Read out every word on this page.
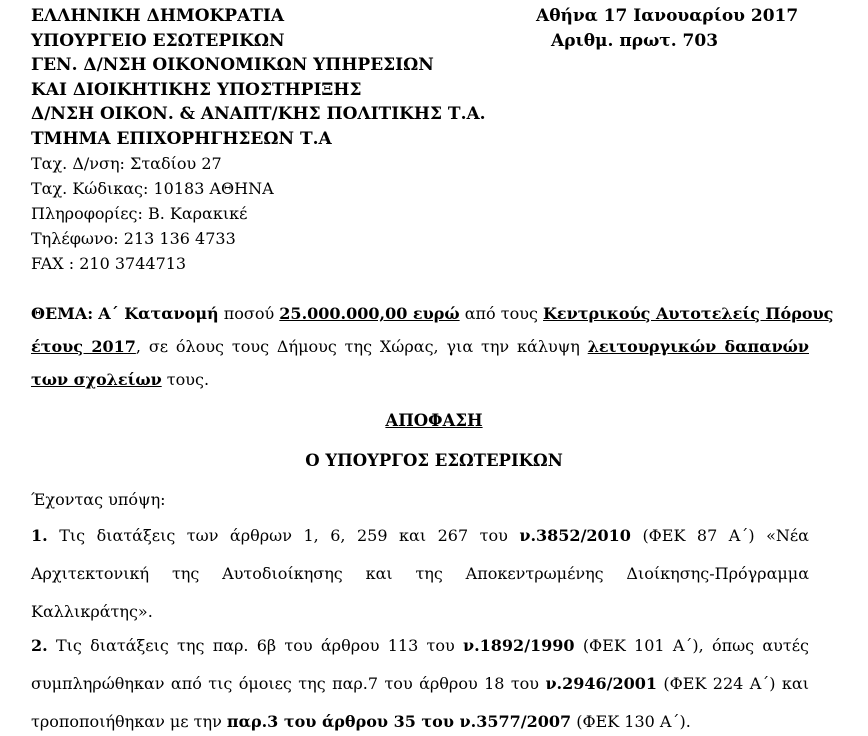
ΕΛΛΗΝΙΚΗ ΔΗΜΟΚΡΑΤΙΑ
ΥΠΟΥΡΓΕΙΟ ΕΣΩΤΕΡΙΚΩΝ
ΓΕΝ. Δ/ΝΣΗ ΟΙΚΟΝΟΜΙΚΩΝ ΥΠΗΡΕΣΙΩΝ
ΚΑΙ ΔΙΟΙΚΗΤΙΚΗΣ ΥΠΟΣΤΗΡΙΞΗΣ
Δ/ΝΣΗ ΟΙΚΟΝ. & ΑΝΑΠΤ/ΚΗΣ ΠΟΛΙΤΙΚΗΣ Τ.Α.
ΤΜΗΜΑ ΕΠΙΧΟΡΗΓΗΣΕΩΝ Τ.Α
Ταχ. Δ/νση: Σταδίου 27
Ταχ. Κώδικας: 10183 ΑΘΗΝΑ
Πληροφορίες: Β. Καρακικέ
Τηλέφωνο: 213 136 4733
FAX : 210 3744713
Αθήνα 17 Ιανουαρίου 2017
Αριθμ. πρωτ. 703
ΘΕΜΑ: Α΄ Κατανομή ποσού 25.000.000,00 ευρώ από τους Κεντρικούς Αυτοτελείς Πόρους
έτους 2017, σε όλους τους Δήμους της Χώρας, για την κάλυψη λειτουργικών δαπανών
των σχολείων τους.
ΑΠΟΦΑΣΗ
Ο ΥΠΟΥΡΓΟΣ ΕΣΩΤΕΡΙΚΩΝ
Έχοντας υπόψη:
1. Τις διατάξεις των άρθρων 1, 6, 259 και 267 του ν.3852/2010 (ΦΕΚ 87 Α΄) «Νέα
Αρχιτεκτονική της Αυτοδιοίκησης και της Αποκεντρωμένης Διοίκησης-Πρόγραμμα
Καλλικράτης».
2. Τις διατάξεις της παρ. 6β του άρθρου 113 του ν.1892/1990 (ΦΕΚ 101 Α΄), όπως αυτές
συμπληρώθηκαν από τις όμοιες της παρ.7 του άρθρου 18 του ν.2946/2001 (ΦΕΚ 224 Α΄) και
τροποποιήθηκαν με την παρ.3 του άρθρου 35 του ν.3577/2007 (ΦΕΚ 130 Α΄).
